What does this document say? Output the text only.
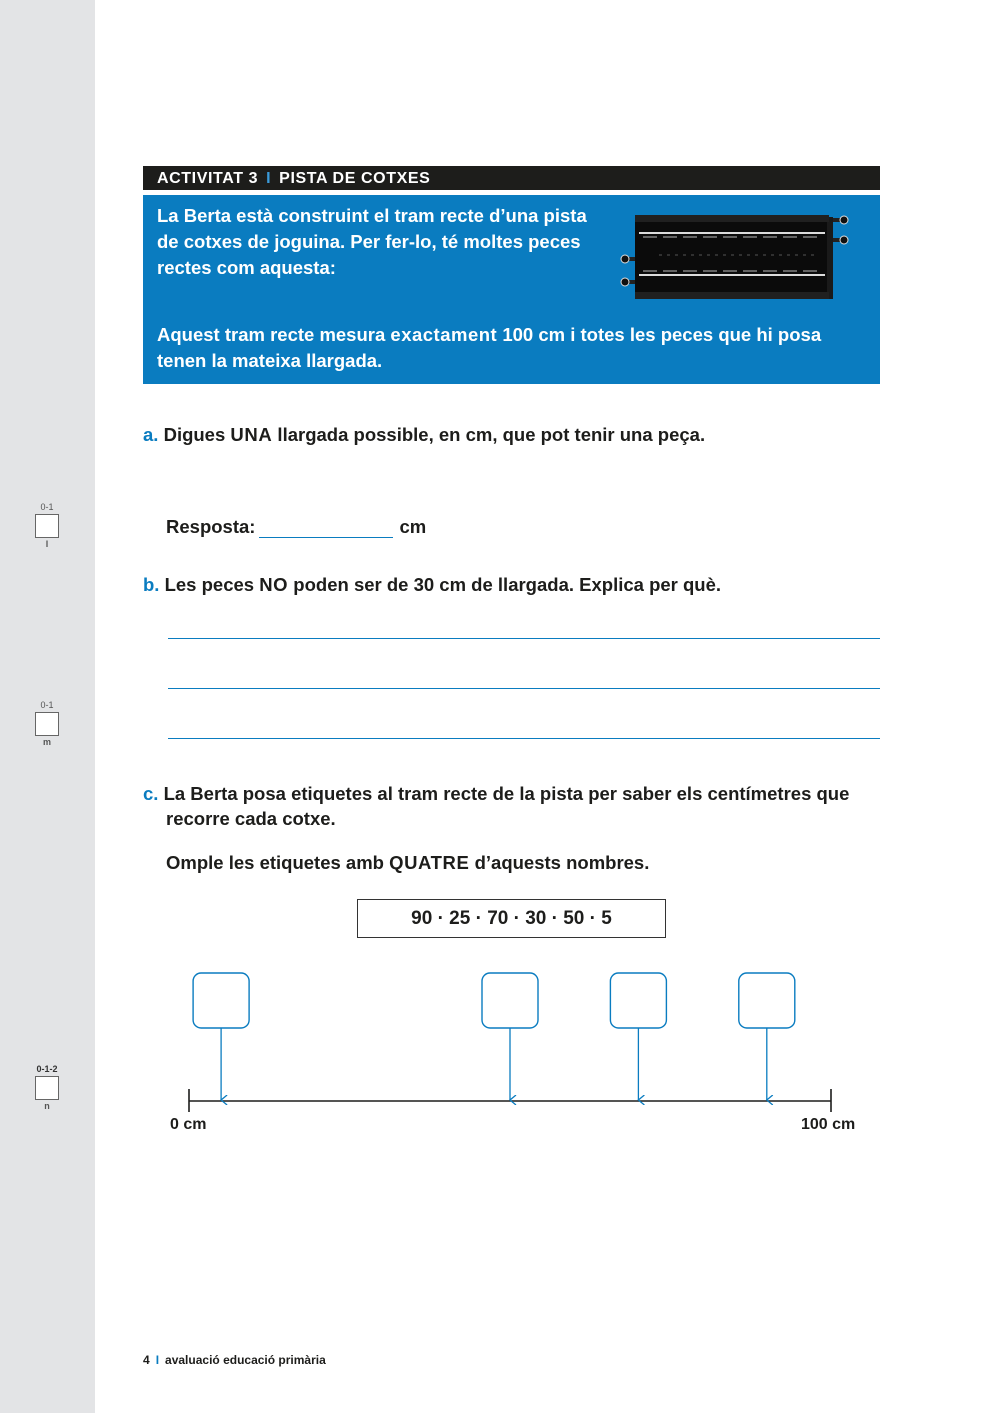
0-1
l
0-1
m
0-1-2
n
ACTIVITAT 3 I PISTA DE COTXES
La Berta està construint el tram recte d’una pista de cotxes de joguina. Per fer-lo, té moltes peces rectes com aquesta:
Aquest tram recte mesura exactament 100 cm i totes les peces que hi posa tenen la mateixa llargada.
a. Digues UNA llargada possible, en cm, que pot tenir una peça.
Resposta:	cm
b. Les peces NO poden ser de 30 cm de llargada. Explica per què.
c. La Berta posa etiquetes al tram recte de la pista per saber els centímetres que
recorre cada cotxe.
Omple les etiquetes amb QUATRE d’aquests nombres.
90 · 25 · 70 · 30 · 50 · 5
0 cm	100 cm
4 I avaluació educació primària
